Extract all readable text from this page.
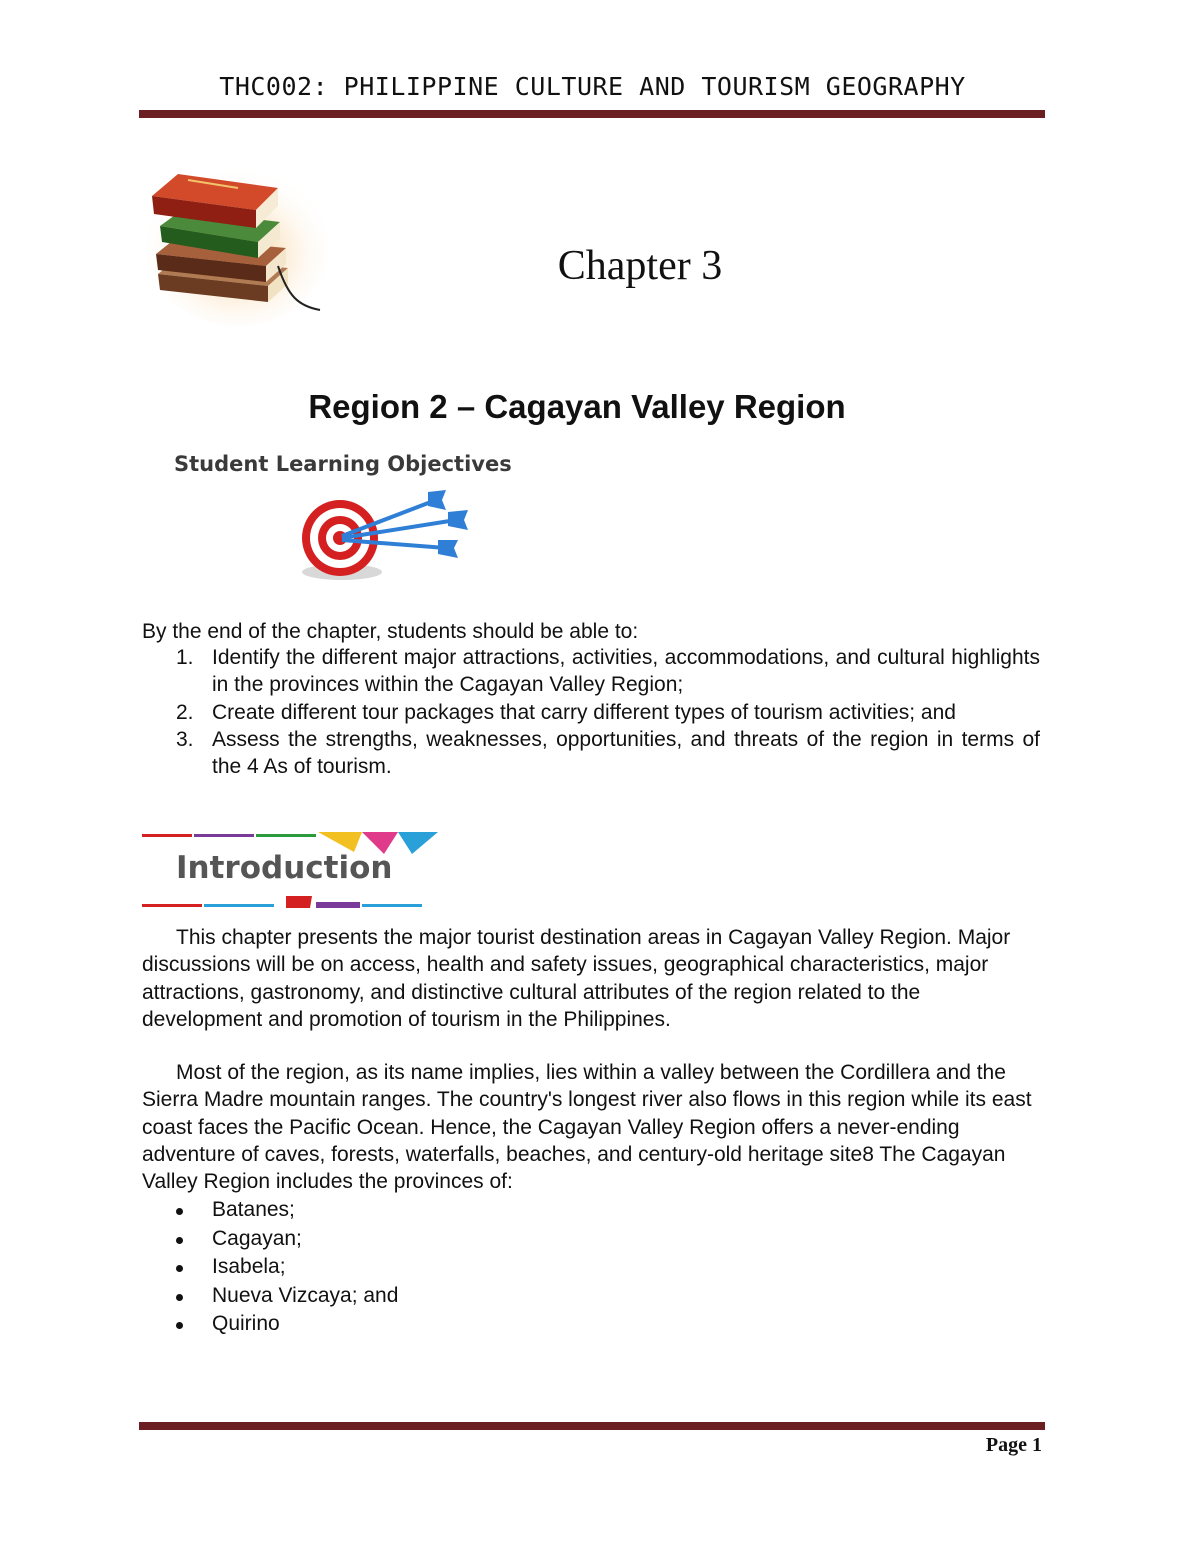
THC002: PHILIPPINE CULTURE AND TOURISM GEOGRAPHY
Chapter 3
Region 2 – Cagayan Valley Region
Student Learning Objectives
By the end of the chapter, students should be able to:
1. Identify the different major attractions, activities, accommodations, and cultural highlights in the provinces within the Cagayan Valley Region;
2. Create different tour packages that carry different types of tourism activities; and
3. Assess the strengths, weaknesses, opportunities, and threats of the region in terms of the 4 As of tourism.
Introduction
This chapter presents the major tourist destination areas in Cagayan Valley Region. Major discussions will be on access, health and safety issues, geographical characteristics, major attractions, gastronomy, and distinctive cultural attributes of the region related to the development and promotion of tourism in the Philippines.
Most of the region, as its name implies, lies within a valley between the Cordillera and the Sierra Madre mountain ranges. The country's longest river also flows in this region while its east coast faces the Pacific Ocean. Hence, the Cagayan Valley Region offers a never-ending adventure of caves, forests, waterfalls, beaches, and century-old heritage site8 The Cagayan Valley Region includes the provinces of:
Batanes;
Cagayan;
Isabela;
Nueva Vizcaya; and
Quirino
Page 1
